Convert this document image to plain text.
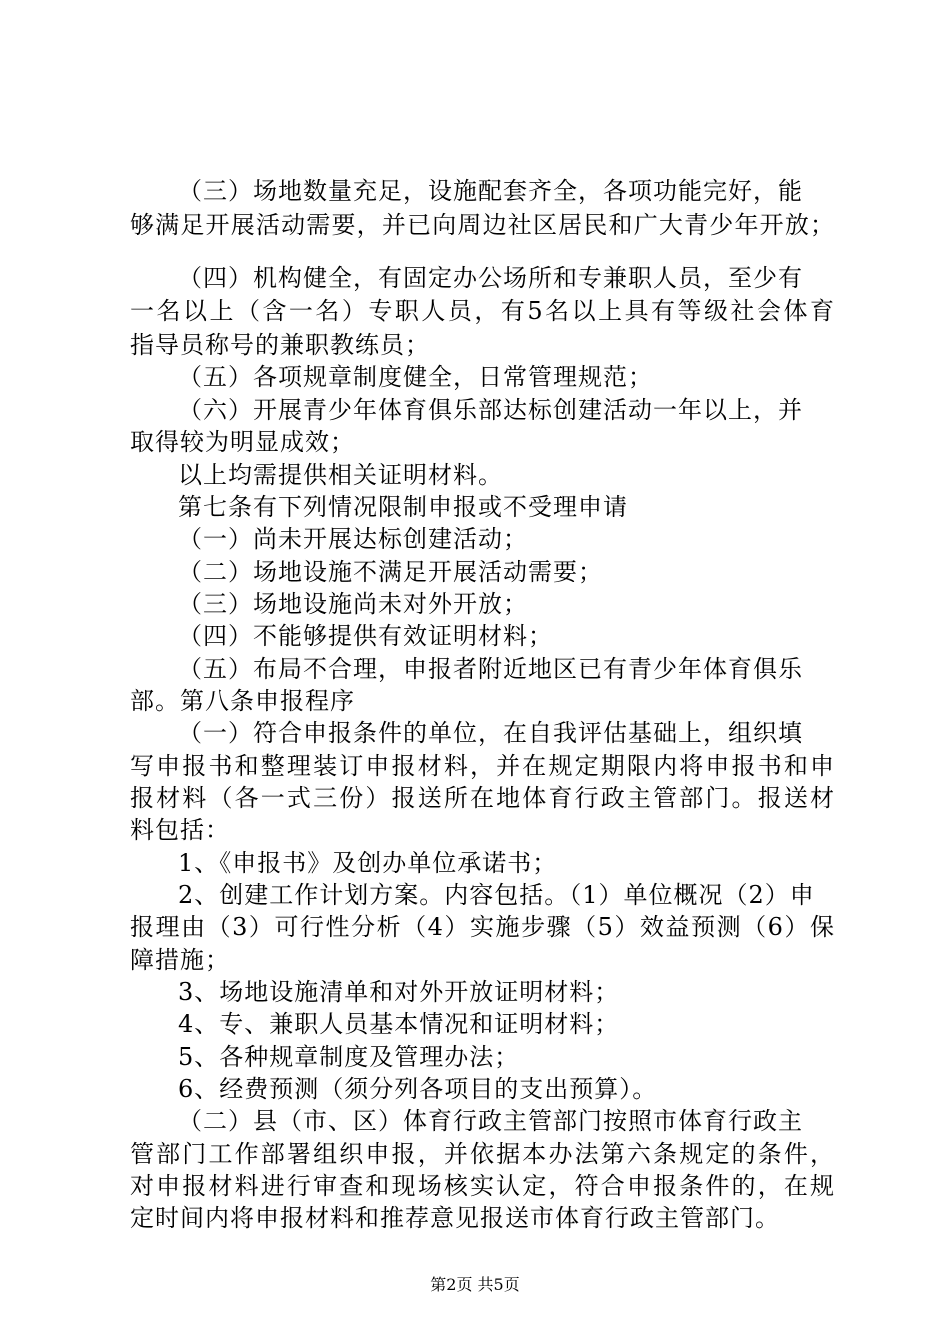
（三）场地数量充足，设施配套齐全，各项功能完好，能
够满足开展活动需要，并已向周边社区居民和广大青少年开放；
（四）机构健全，有固定办公场所和专兼职人员，至少有
一名以上（含一名）专职人员，有5名以上具有等级社会体育
指导员称号的兼职教练员；
（五）各项规章制度健全，日常管理规范；
（六）开展青少年体育俱乐部达标创建活动一年以上，并
取得较为明显成效；
以上均需提供相关证明材料。
第七条有下列情况限制申报或不受理申请
（一）尚未开展达标创建活动；
（二）场地设施不满足开展活动需要；
（三）场地设施尚未对外开放；
（四）不能够提供有效证明材料；
（五）布局不合理，申报者附近地区已有青少年体育俱乐
部。第八条申报程序
（一）符合申报条件的单位，在自我评估基础上，组织填
写申报书和整理装订申报材料，并在规定期限内将申报书和申
报材料（各一式三份）报送所在地体育行政主管部门。报送材
料包括：
1、《申报书》及创办单位承诺书；
2、创建工作计划方案。内容包括。（1）单位概况（2）申
报理由（3）可行性分析（4）实施步骤（5）效益预测（6）保
障措施；
3、场地设施清单和对外开放证明材料；
4、专、兼职人员基本情况和证明材料；
5、各种规章制度及管理办法；
6、经费预测（须分列各项目的支出预算）。
（二）县（市、区）体育行政主管部门按照市体育行政主
管部门工作部署组织申报，并依据本办法第六条规定的条件，
对申报材料进行审查和现场核实认定，符合申报条件的，在规
定时间内将申报材料和推荐意见报送市体育行政主管部门。
第2页 共5页
